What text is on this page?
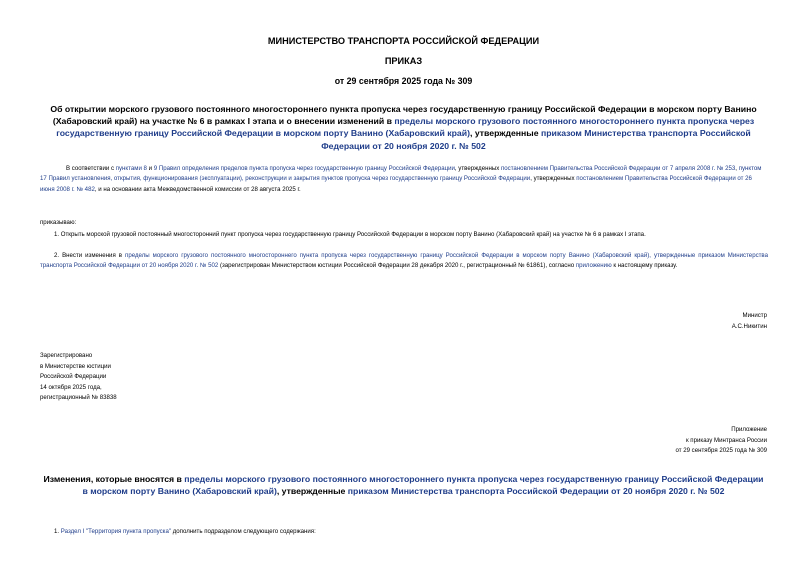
МИНИСТЕРСТВО ТРАНСПОРТА РОССИЙСКОЙ ФЕДЕРАЦИИ
ПРИКАЗ
от 29 сентября 2025 года № 309
Об открытии морского грузового постоянного многостороннего пункта пропуска через государственную границу Российской Федерации в морском порту Ванино (Хабаровский край) на участке № 6 в рамках I этапа и о внесении изменений в пределы морского грузового постоянного многостороннего пункта пропуска через государственную границу Российской Федерации в морском порту Ванино (Хабаровский край), утвержденные приказом Министерства транспорта Российской Федерации от 20 ноября 2020 г. № 502

В соответствии с пунктами 8 и 9 Правил определения пределов пункта пропуска через государственную границу Российской Федерации, утвержденных постановлением Правительства Российской Федерации от 7 апреля 2008 г. № 253, пунктом 17 Правил установления, открытия, функционирования (эксплуатации), реконструкции и закрытия пунктов пропуска через государственную границу Российской Федерации, утвержденных постановлением Правительства Российской Федерации от 26 июня 2008 г. № 482, и на основании акта Межведомственной комиссии от 28 августа 2025 г.

приказываю:

1. Открыть морской грузовой постоянный многосторонний пункт пропуска через государственную границу Российской Федерации в морском порту Ванино (Хабаровский край) на участке № 6 в рамках I этапа.

2. Внести изменения в пределы морского грузового постоянного многостороннего пункта пропуска через государственную границу Российской Федерации в морском порту Ванино (Хабаровский край), утвержденные приказом Министерства транспорта Российской Федерации от 20 ноября 2020 г. № 502 (зарегистрирован Министерством юстиции Российской Федерации 28 декабря 2020 г., регистрационный № 61861), согласно приложению к настоящему приказу.

Министр
А.С.Никитин
Зарегистрировано
в Министерстве юстиции
Российской Федерации
14 октября 2025 года,
регистрационный № 83838
Приложение
к приказу Минтранса России
от 29 сентября 2025 года № 309
Изменения, которые вносятся в пределы морского грузового постоянного многостороннего пункта пропуска через государственную границу Российской Федерации в морском порту Ванино (Хабаровский край), утвержденные приказом Министерства транспорта Российской Федерации от 20 ноября 2020 г. № 502

1. Раздел I "Территория пункта пропуска" дополнить подразделом следующего содержания:
